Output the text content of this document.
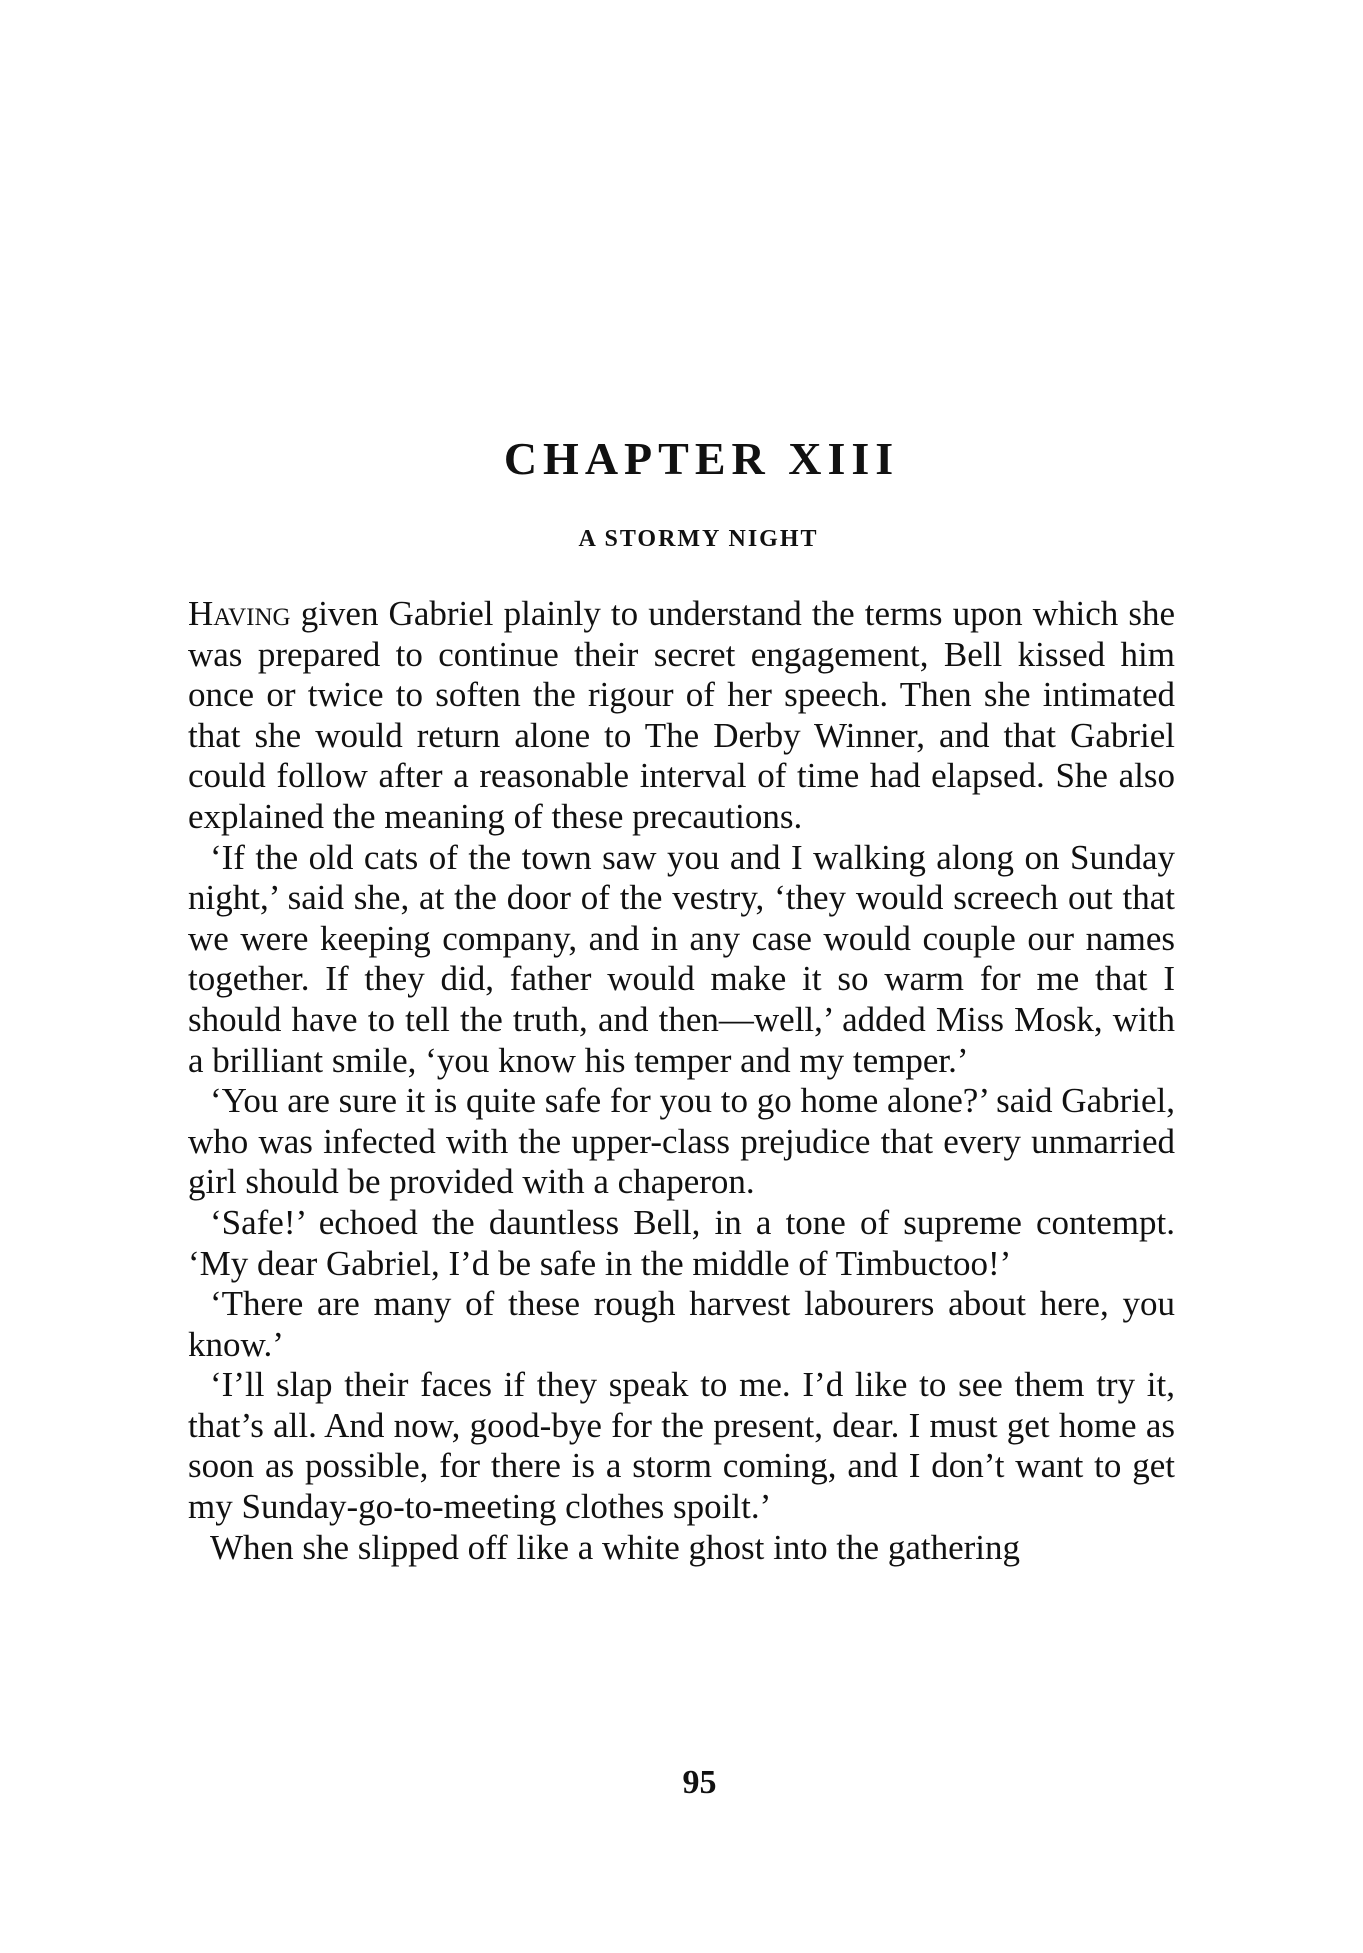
CHAPTER XIII
A STORMY NIGHT

Having given Gabriel plainly to understand the terms upon which she was prepared to continue their secret engagement, Bell kissed him once or twice to soften the rigour of her speech. Then she intimated that she would return alone to The Derby Winner, and that Gabriel could follow after a reasonable interval of time had elapsed. She also explained the meaning of these precautions.

‘If the old cats of the town saw you and I walking along on Sunday night,’ said she, at the door of the vestry, ‘they would screech out that we were keeping company, and in any case would couple our names together. If they did, father would make it so warm for me that I should have to tell the truth, and then—well,’ added Miss Mosk, with a brilliant smile, ‘you know his temper and my temper.’

‘You are sure it is quite safe for you to go home alone?’ said Gabriel, who was infected with the upper-class prejudice that every unmarried girl should be provided with a chaperon.

‘Safe!’ echoed the dauntless Bell, in a tone of supreme contempt. ‘My dear Gabriel, I’d be safe in the middle of Timbuctoo!’

‘There are many of these rough harvest labourers about here, you know.’

‘I’ll slap their faces if they speak to me. I’d like to see them try it, that’s all. And now, good-bye for the present, dear. I must get home as soon as possible, for there is a storm coming, and I don’t want to get my Sunday-go-to-meeting clothes spoilt.’

When she slipped off like a white ghost into the gathering

95
